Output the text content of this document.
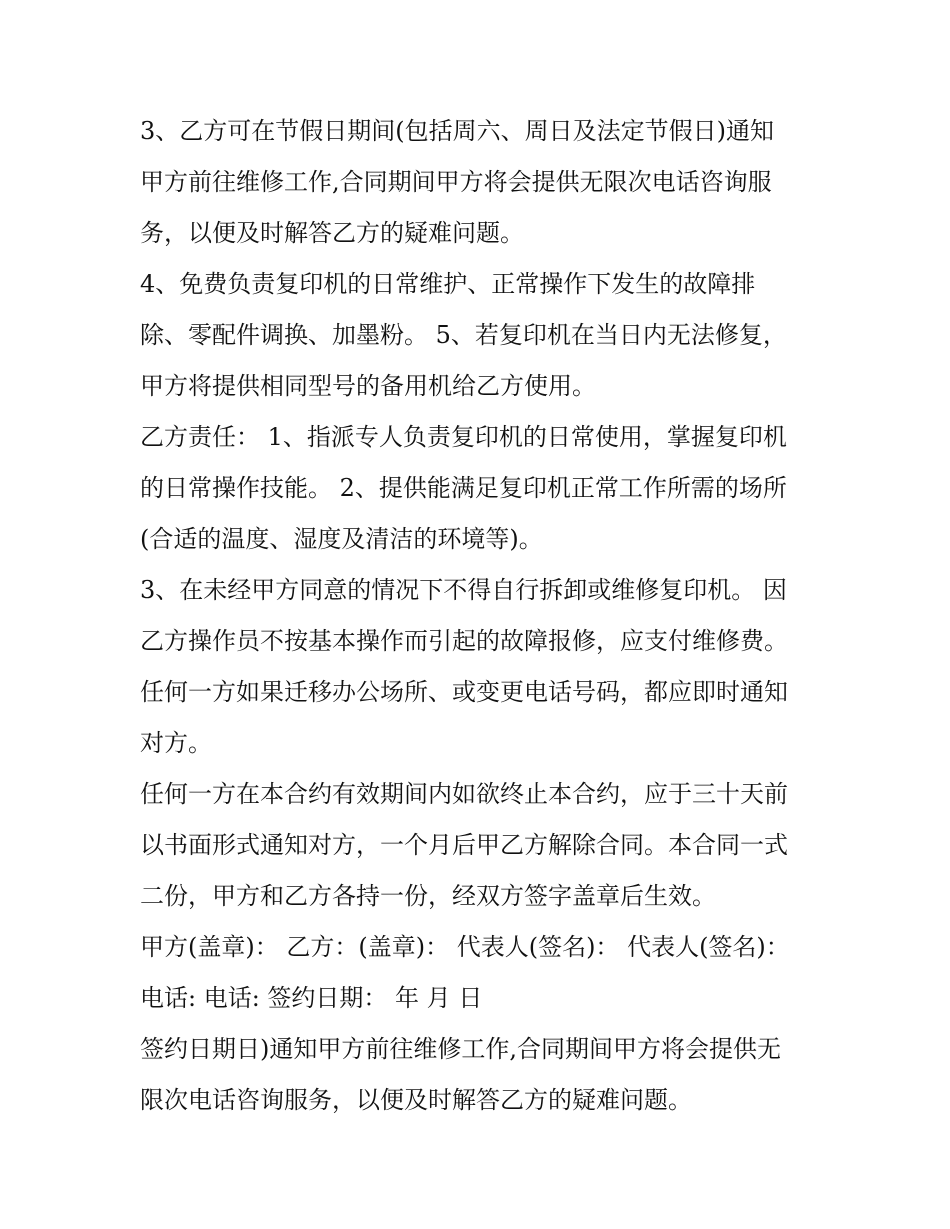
3、乙方可在节假日期间(包括周六、周日及法定节假日)通知
甲方前往维修工作,合同期间甲方将会提供无限次电话咨询服
务，以便及时解答乙方的疑难问题。

4、免费负责复印机的日常维护、正常操作下发生的故障排
除、零配件调换、加墨粉。 5、若复印机在当日内无法修复，
甲方将提供相同型号的备用机给乙方使用。

乙方责任： 1、指派专人负责复印机的日常使用，掌握复印机
的日常操作技能。 2、提供能满足复印机正常工作所需的场所
(合适的温度、湿度及清洁的环境等)。

3、在未经甲方同意的情况下不得自行拆卸或维修复印机。 因
乙方操作员不按基本操作而引起的故障报修，应支付维修费。
任何一方如果迁移办公场所、或变更电话号码，都应即时通知
对方。

任何一方在本合约有效期间内如欲终止本合约，应于三十天前
以书面形式通知对方，一个月后甲乙方解除合同。本合同一式
二份，甲方和乙方各持一份，经双方签字盖章后生效。

甲方(盖章)： 乙方：(盖章)： 代表人(签名)： 代表人(签名)：
电话: 电话: 签约日期： 年 月 日

签约日期日)通知甲方前往维修工作,合同期间甲方将会提供无
限次电话咨询服务，以便及时解答乙方的疑难问题。
